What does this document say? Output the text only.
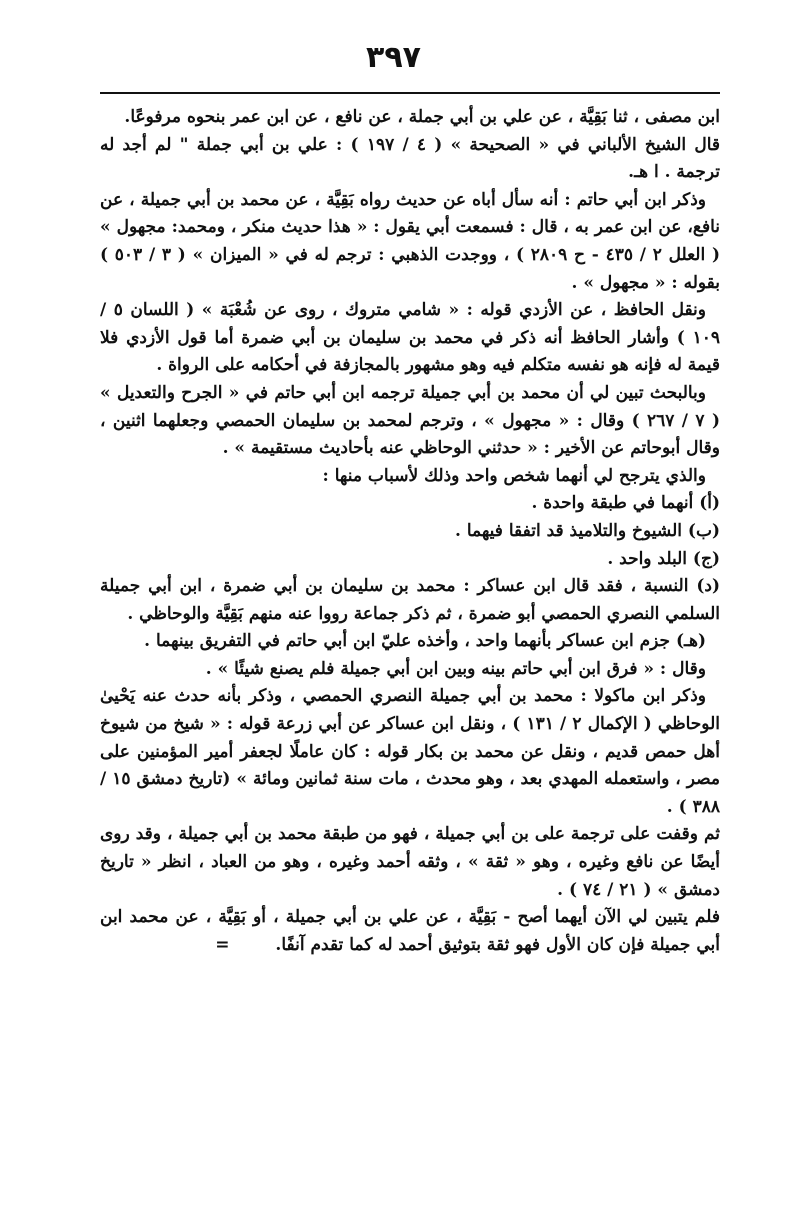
٣٩٧

ابن مصفى ، ثنا بَقِيَّة ، عن علي بن أبي جملة ، عن نافع ، عن ابن عمر بنحوه مرفوعًا.

قال الشيخ الألباني في « الصحيحة » ( ٤ / ١٩٧ ) : علي بن أبي جملة " لم أجد له ترجمة . ا هـ.

وذكر ابن أبي حاتم : أنه سأل أباه عن حديث رواه بَقِيَّة ، عن محمد بن أبي جميلة ، عن نافع، عن ابن عمر به ، قال : فسمعت أبي يقول : « هذا حديث منكر ، ومحمد: مجهول » ( العلل ٢ / ٤٣٥ - ح ٢٨٠٩ ) ، ووجدت الذهبي : ترجم له في « الميزان » ( ٣ / ٥٠٣ ) بقوله : « مجهول » .

ونقل الحافظ ، عن الأزدي قوله : « شامي متروك ، روى عن شُعْبَة » ( اللسان ٥ / ١٠٩ ) وأشار الحافظ أنه ذكر في محمد بن سليمان بن أبي ضمرة أما قول الأزدي فلا قيمة له فإنه هو نفسه متكلم فيه وهو مشهور بالمجازفة في أحكامه على الرواة .

وبالبحث تبين لي أن محمد بن أبي جميلة ترجمه ابن أبي حاتم في « الجرح والتعديل » ( ٧ / ٢٦٧ ) وقال : « مجهول » ، وترجم لمحمد بن سليمان الحمصي وجعلهما اثنين ، وقال أبوحاتم عن الأخير : « حدثني الوحاظي عنه بأحاديث مستقيمة » .

والذي يترجح لي أنهما شخص واحد وذلك لأسباب منها :

(أ) أنهما في طبقة واحدة .

(ب) الشيوخ والتلاميذ قد اتفقا فيهما .

(ج) البلد واحد .

(د) النسبة ، فقد قال ابن عساكر : محمد بن سليمان بن أبي ضمرة ، ابن أبي جميلة السلمي النصري الحمصي أبو ضمرة ، ثم ذكر جماعة رووا عنه منهم بَقِيَّة والوحاظي .

(هـ) جزم ابن عساكر بأنهما واحد ، وأخذه عليّ ابن أبي حاتم في التفريق بينهما .

وقال : « فرق ابن أبي حاتم بينه وبين ابن أبي جميلة فلم يصنع شيئًا » .

وذكر ابن ماكولا : محمد بن أبي جميلة النصري الحمصي ، وذكر بأنه حدث عنه يَحْيىٰ الوحاظي ( الإكمال ٢ / ١٣١ ) ، ونقل ابن عساكر عن أبي زرعة قوله : « شيخ من شيوخ أهل حمص قديم ، ونقل عن محمد بن بكار قوله : كان عاملًا لجعفر أمير المؤمنين على مصر ، واستعمله المهدي بعد ، وهو محدث ، مات سنة ثمانين ومائة » (تاريخ دمشق ١٥ / ٣٨٨ ) .

ثم وقفت على ترجمة على بن أبي جميلة ، فهو من طبقة محمد بن أبي جميلة ، وقد روى أيضًا عن نافع وغيره ، وهو « ثقة » ، وثقه أحمد وغيره ، وهو من العباد ، انظر « تاريخ دمشق » ( ٢١ / ٧٤ ) .

فلم يتبين لي الآن أيهما أصح - بَقِيَّة ، عن علي بن أبي جميلة ، أو بَقِيَّة ، عن محمد ابن أبي جميلة فإن كان الأول فهو ثقة بتوثيق أحمد له كما تقدم آنفًا. =
